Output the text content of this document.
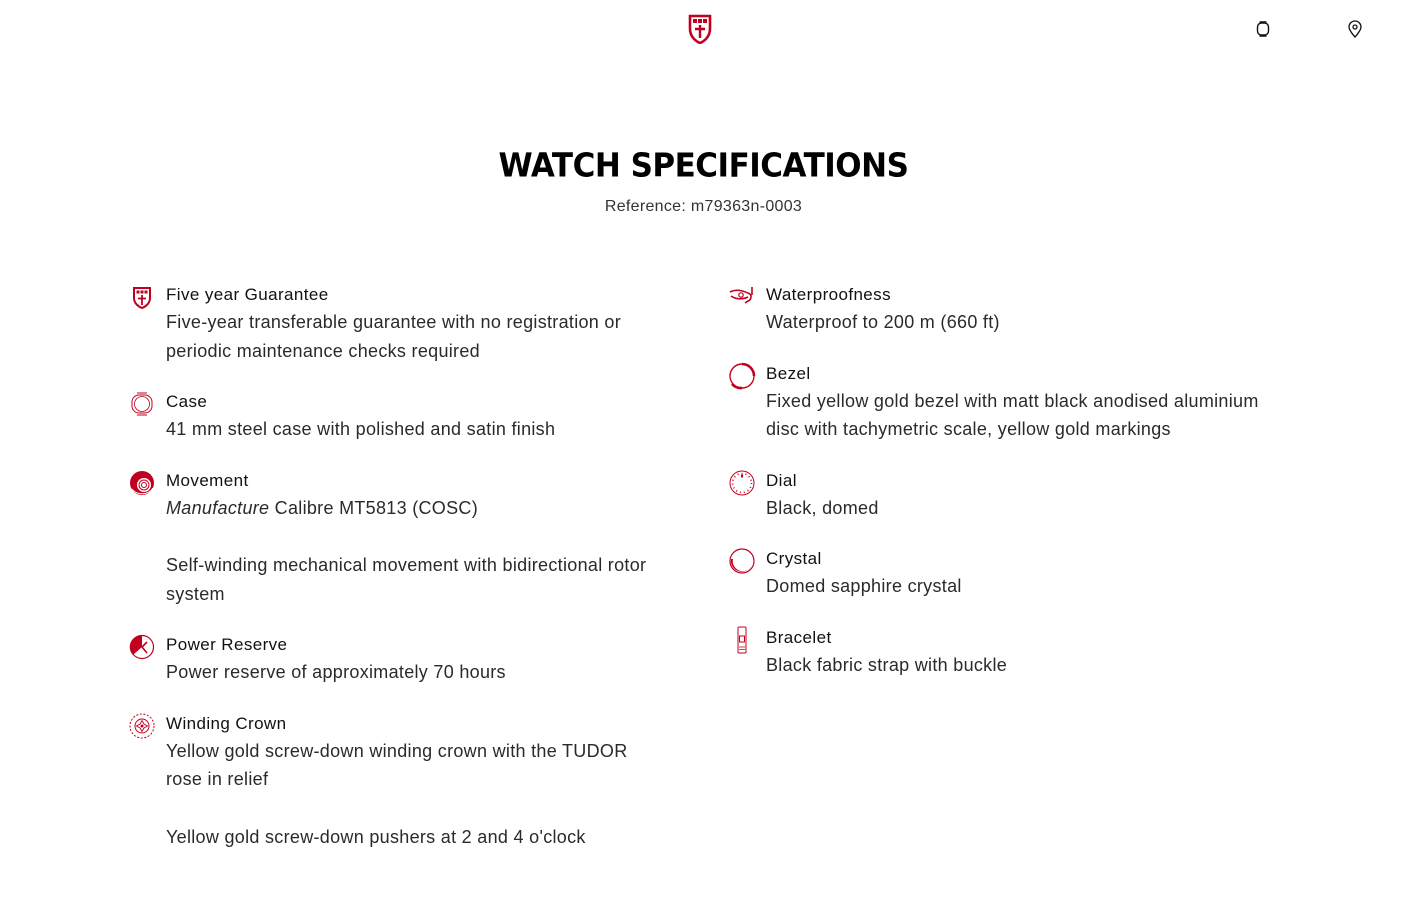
WATCH SPECIFICATIONS
Reference: m79363n-0003
Five year Guarantee
Five-year transferable guarantee with no registration or periodic maintenance checks required
Case
41 mm steel case with polished and satin finish
Movement
Manufacture Calibre MT5813 (COSC)
Self-winding mechanical movement with bidirectional rotor system
Power Reserve
Power reserve of approximately 70 hours
Winding Crown
Yellow gold screw-down winding crown with the TUDOR rose in relief
Yellow gold screw-down pushers at 2 and 4 o'clock
Waterproofness
Waterproof to 200 m (660 ft)
Bezel
Fixed yellow gold bezel with matt black anodised aluminium disc with tachymetric scale, yellow gold markings
Dial
Black, domed
Crystal
Domed sapphire crystal
Bracelet
Black fabric strap with buckle
